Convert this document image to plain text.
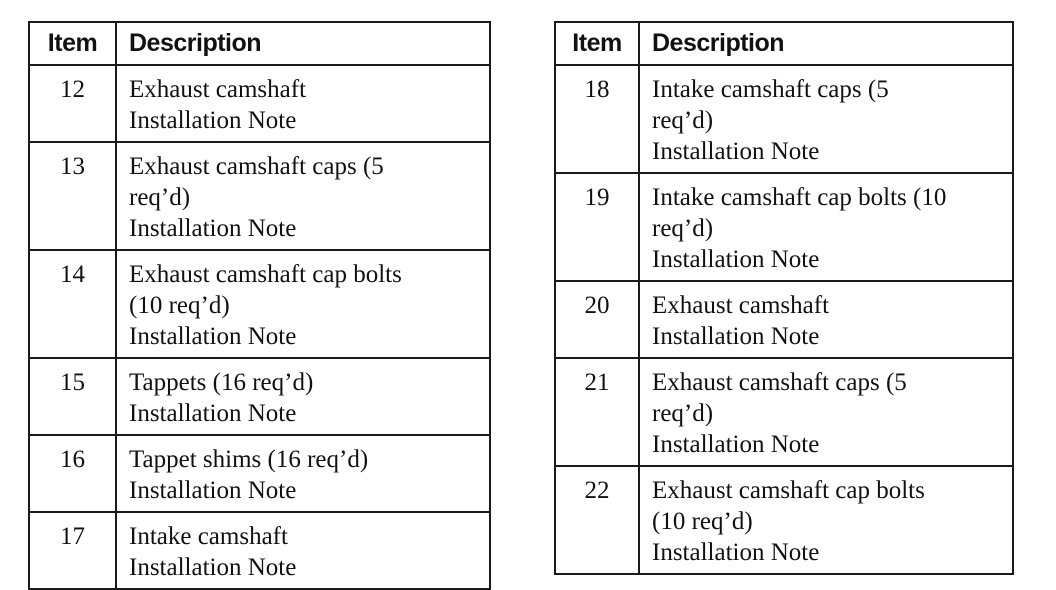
Item	Description
12	Exhaust camshaft
Installation Note

13	Exhaust camshaft caps (5
req’d)
Installation Note

14	Exhaust camshaft cap bolts
(10 req’d)
Installation Note

15	Tappets (16 req’d)
Installation Note

16	Tappet shims (16 req’d)
Installation Note

17	Intake camshaft
Installation Note
Item	Description
18	Intake camshaft caps (5
req’d)
Installation Note

19	Intake camshaft cap bolts (10
req’d)
Installation Note

20	Exhaust camshaft
Installation Note

21	Exhaust camshaft caps (5
req’d)
Installation Note

22	Exhaust camshaft cap bolts
(10 req’d)
Installation Note
